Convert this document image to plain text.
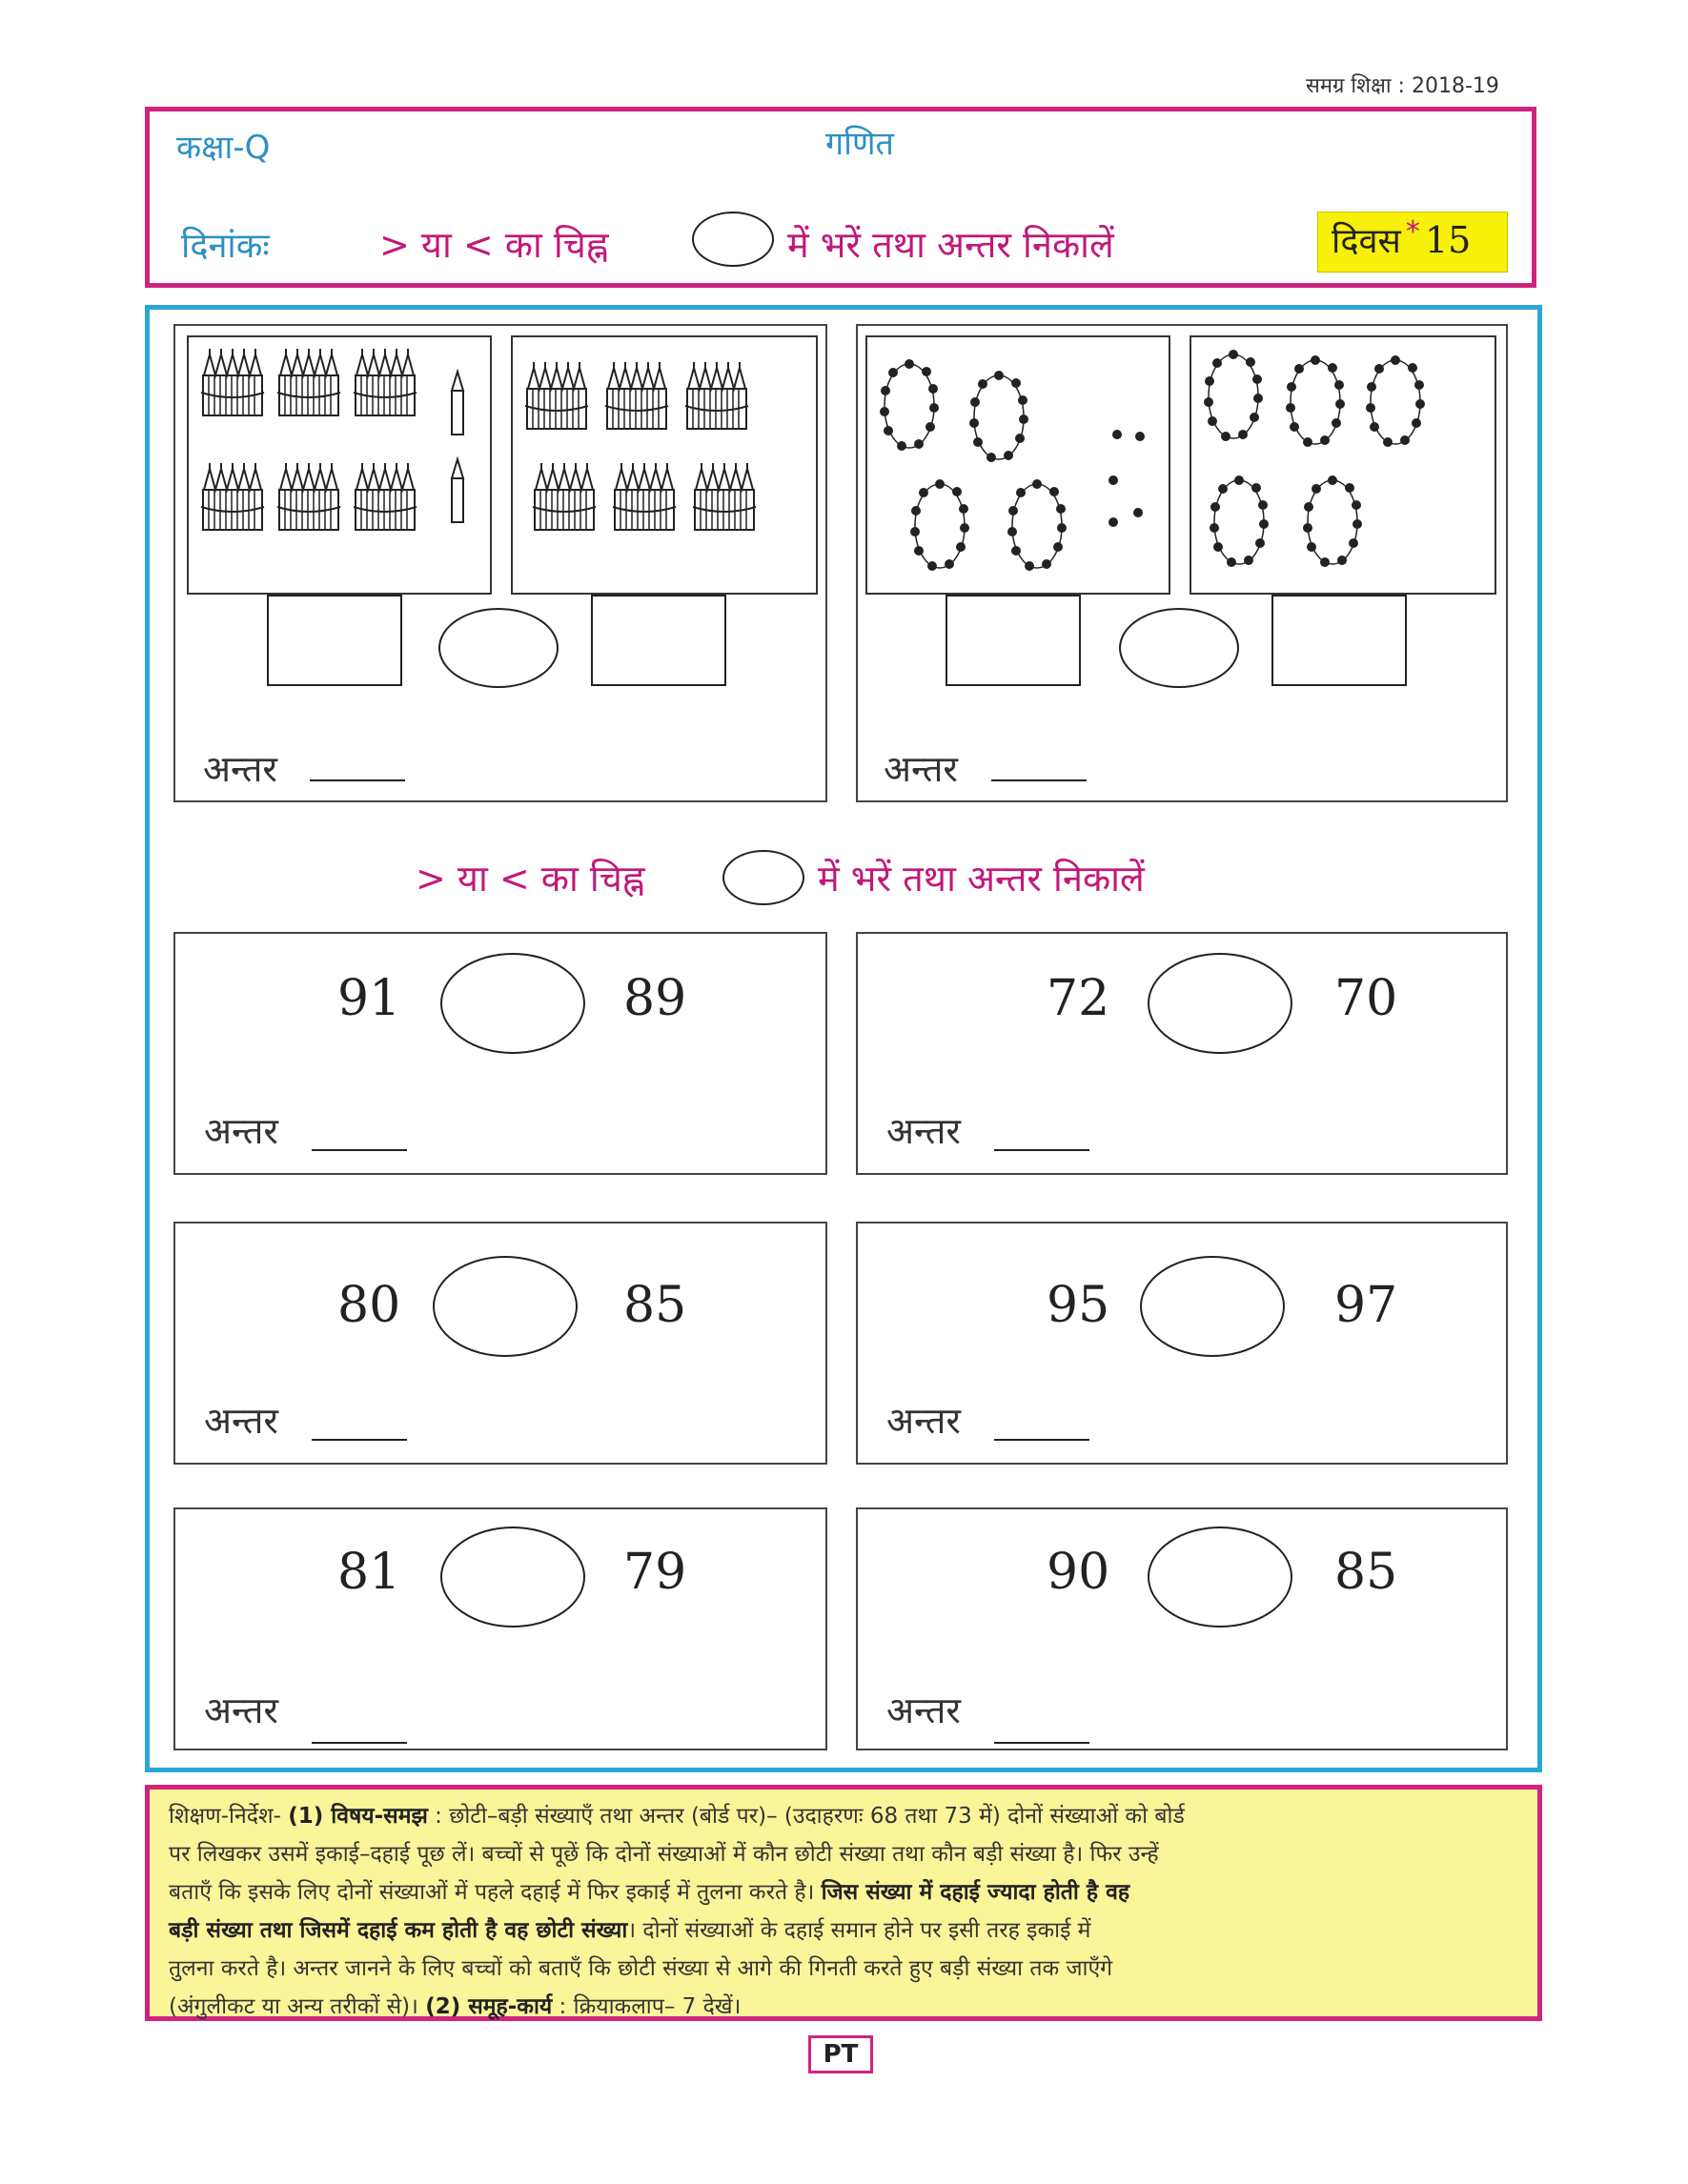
समग्र शिक्षा : 2018-19
कक्षा-Q	गणित
दिनांकः	> या < का चिह्न	में भरें तथा अन्तर निकालें	दिवस * 15
अन्तर	अन्तर
> या < का चिह्न	में भरें तथा अन्तर निकालें
91	89
अन्तर
72	70
अन्तर
80	85
अन्तर
95	97
अन्तर
81	79
अन्तर
90	85
अन्तर
शिक्षण-निर्देश- (1) विषय-समझ : छोटी–बड़ी संख्याएँ तथा अन्तर (बोर्ड पर)– (उदाहरणः 68 तथा 73 में) दोनों संख्याओं को बोर्ड
पर लिखकर उसमें इकाई–दहाई पूछ लें। बच्चों से पूछें कि दोनों संख्याओं में कौन छोटी संख्या तथा कौन बड़ी संख्या है। फिर उन्हें
बताएँ कि इसके लिए दोनों संख्याओं में पहले दहाई में फिर इकाई में तुलना करते है। जिस संख्या में दहाई ज्यादा होती है वह
बड़ी संख्या तथा जिसमें दहाई कम होती है वह छोटी संख्या। दोनों संख्याओं के दहाई समान होने पर इसी तरह इकाई में
तुलना करते है। अन्तर जानने के लिए बच्चों को बताएँ कि छोटी संख्या से आगे की गिनती करते हुए बड़ी संख्या तक जाएँगे
(अंगुलीकट या अन्य तरीकों से)। (2) समूह-कार्य : क्रियाकलाप– 7 देखें।
PT
